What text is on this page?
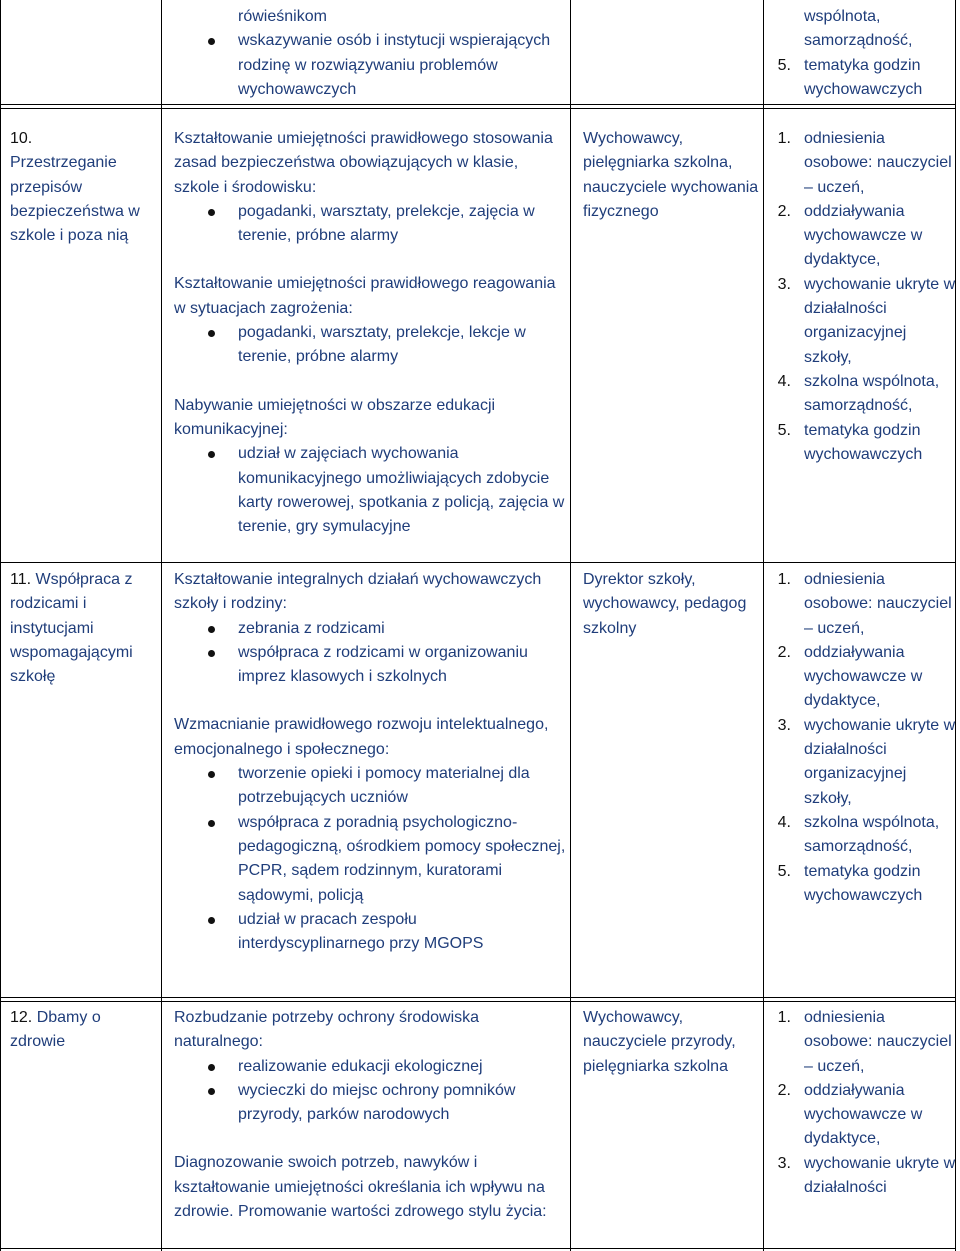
rówieśnikom
wskazywanie osób i instytucji wspierających rodzinę w rozwiązywaniu problemów wychowawczych
wspólnota,
samorządność,
5. tematyka godzin
wychowawczych
10.
Przestrzeganie przepisów bezpieczeństwa w szkole i poza nią
Kształtowanie umiejętności prawidłowego stosowania zasad bezpieczeństwa obowiązujących w klasie, szkole i środowisku:
pogadanki, warsztaty, prelekcje, zajęcia w terenie, próbne alarmy
Kształtowanie umiejętności prawidłowego reagowania w sytuacjach zagrożenia:
pogadanki, warsztaty, prelekcje, lekcje w terenie, próbne alarmy
Nabywanie umiejętności w obszarze edukacji komunikacyjnej:
udział w zajęciach wychowania komunikacyjnego umożliwiających zdobycie karty rowerowej, spotkania z policją, zajęcia w terenie, gry symulacyjne
Wychowawcy, pielęgniarka szkolna, nauczyciele wychowania fizycznego
1. odniesienia osobowe: nauczyciel – uczeń,
2. oddziaływania wychowawcze w dydaktyce,
3. wychowanie ukryte w działalności organizacyjnej szkoły,
4. szkolna wspólnota, samorządność,
5. tematyka godzin wychowawczych
11. Współpraca z rodzicami i instytucjami wspomagającymi szkołę
Kształtowanie integralnych działań wychowawczych szkoły i rodziny:
zebrania z rodzicami
współpraca z rodzicami w organizowaniu imprez klasowych i szkolnych
Wzmacnianie prawidłowego rozwoju intelektualnego, emocjonalnego i społecznego:
tworzenie opieki i pomocy materialnej dla potrzebujących uczniów
współpraca z poradnią psychologiczno-pedagogiczną, ośrodkiem pomocy społecznej, PCPR, sądem rodzinnym, kuratorami sądowymi, policją
udział w pracach zespołu interdyscyplinarnego przy MGOPS
Dyrektor szkoły, wychowawcy, pedagog szkolny
1. odniesienia osobowe: nauczyciel – uczeń,
2. oddziaływania wychowawcze w dydaktyce,
3. wychowanie ukryte w działalności organizacyjnej szkoły,
4. szkolna wspólnota, samorządność,
5. tematyka godzin wychowawczych
12. Dbamy o zdrowie
Rozbudzanie potrzeby ochrony środowiska naturalnego:
realizowanie edukacji ekologicznej
wycieczki do miejsc ochrony pomników przyrody, parków narodowych
Diagnozowanie swoich potrzeb, nawyków i kształtowanie umiejętności określania ich wpływu na zdrowie. Promowanie wartości zdrowego stylu życia:
Wychowawcy, nauczyciele przyrody, pielęgniarka szkolna
1. odniesienia osobowe: nauczyciel – uczeń,
2. oddziaływania wychowawcze w dydaktyce,
3. wychowanie ukryte w działalności
